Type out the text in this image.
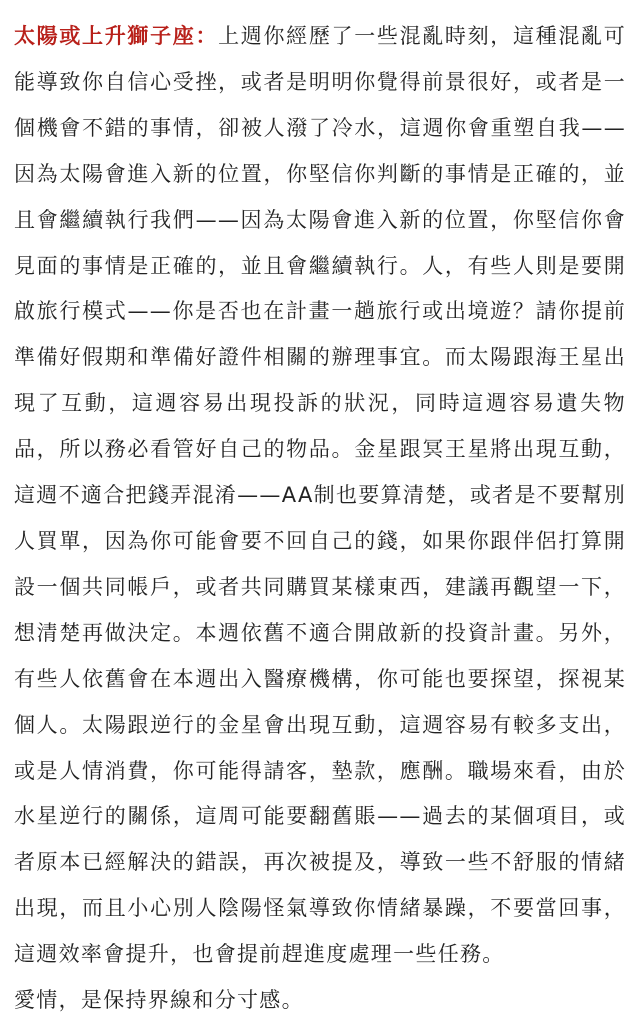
太陽或上升獅子座：上週你經歷了一些混亂時刻，這種混亂可能導致你自信心受挫，或者是明明你覺得前景很好，或者是一個機會不錯的事情，卻被人潑了冷水，這週你會重塑自我——因為太陽會進入新的位置，你堅信你判斷的事情是正確的，並且會繼續執行我們——因為太陽會進入新的位置，你堅信你會見面的事情是正確的，並且會繼續執行。人，有些人則是要開啟旅行模式——你是否也在計畫一趟旅行或出境遊？請你提前準備好假期和準備好證件相關的辦理事宜。而太陽跟海王星出現了互動，這週容易出現投訴的狀況，同時這週容易遺失物品，所以務必看管好自己的物品。金星跟冥王星將出現互動，這週不適合把錢弄混淆——AA制也要算清楚，或者是不要幫別人買單，因為你可能會要不回自己的錢，如果你跟伴侶打算開設一個共同帳戶，或者共同購買某樣東西，建議再觀望一下，想清楚再做決定。本週依舊不適合開啟新的投資計畫。另外，有些人依舊會在本週出入醫療機構，你可能也要探望，探視某個人。太陽跟逆行的金星會出現互動，這週容易有較多支出，或是人情消費，你可能得請客，墊款，應酬。職場來看，由於水星逆行的關係，這周可能要翻舊賬——過去的某個項目，或者原本已經解決的錯誤，再次被提及，導致一些不舒服的情緒出現，而且小心別人陰陽怪氣導致你情緒暴躁，不要當回事，這週效率會提升，也會提前趕進度處理一些任務。

愛情，是保持界線和分寸感。
